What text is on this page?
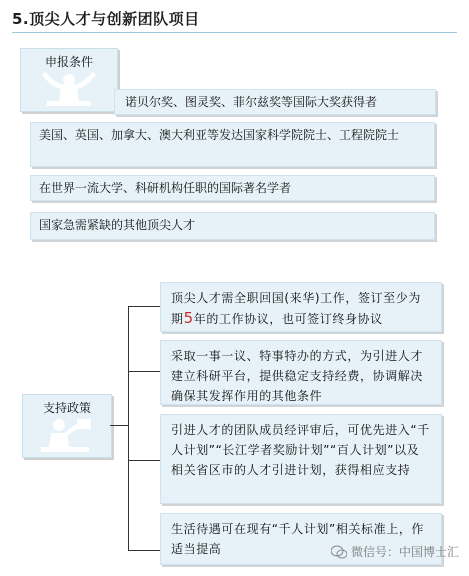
5.顶尖人才与创新团队项目
申报条件
诺贝尔奖、图灵奖、菲尔兹奖等国际大奖获得者
美国、英国、加拿大、澳大利亚等发达国家科学院院士、工程院院士
在世界一流大学、科研机构任职的国际著名学者
国家急需紧缺的其他顶尖人才
支持政策
顶尖人才需全职回国(来华)工作，签订至少为期5年的工作协议，也可签订终身协议
采取一事一议、特事特办的方式，为引进人才建立科研平台，提供稳定支持经费，协调解决确保其发挥作用的其他条件
引进人才的团队成员经评审后，可优先进入“千人计划”“长江学者奖励计划”“百人计划”以及相关省区市的人才引进计划，获得相应支持
生活待遇可在现有“千人计划”相关标准上，作适当提高	微信号：中国博士汇
